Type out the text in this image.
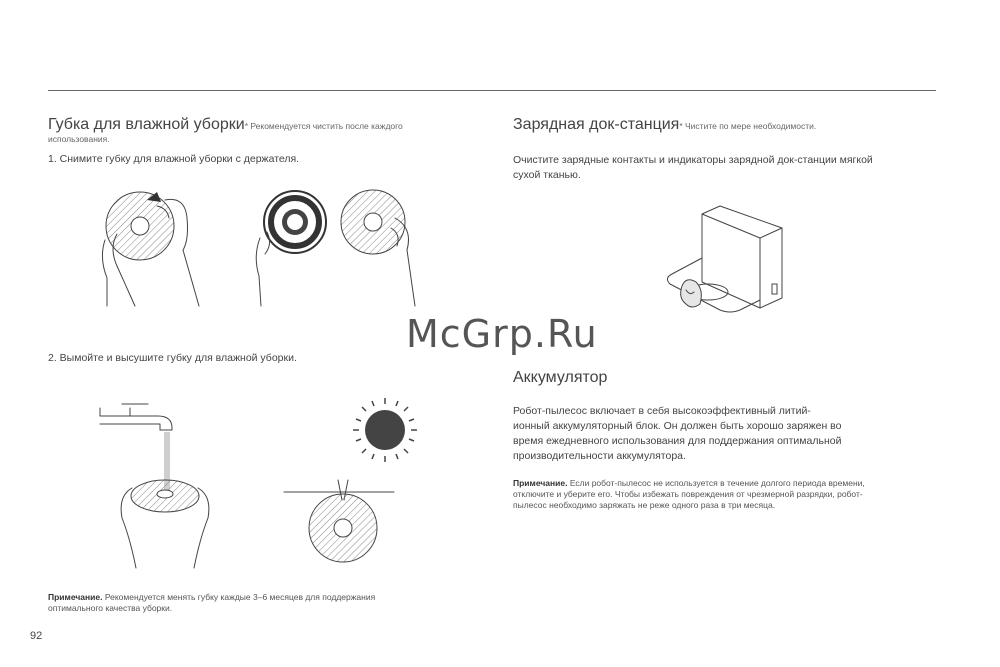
Губка для влажной уборки* Рекомендуется чистить после каждого
использования.
1. Снимите губку для влажной уборки с держателя.
2. Вымойте и высушите губку для влажной уборки.
Примечание. Рекомендуется менять губку каждые 3–6 месяцев для поддержания
оптимального качества уборки.
92
Зарядная док-станция* Чистите по мере необходимости.
Очистите зарядные контакты и индикаторы зарядной док-станции мягкой
сухой тканью.
Аккумулятор
Робот-пылесос включает в себя высокоэффективный литий-
ионный аккумуляторный блок. Он должен быть хорошо заряжен во
время ежедневного использования для поддержания оптимальной
производительности аккумулятора.
Примечание. Если робот-пылесос не используется в течение долгого периода времени,
отключите и уберите его. Чтобы избежать повреждения от чрезмерной разрядки, робот-
пылесос необходимо заряжать не реже одного раза в три месяца.
McGrp.Ru
